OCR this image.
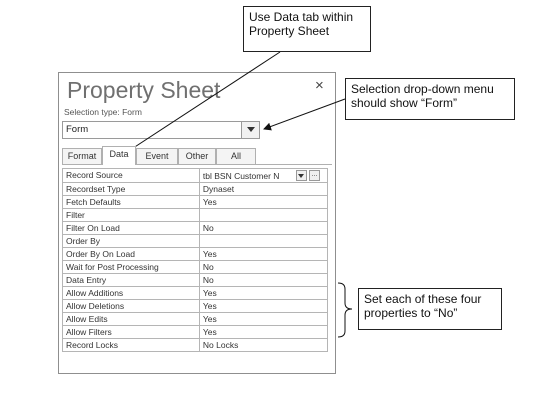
Property Sheet	×
Selection type: Form
Form
Format	Data	Event	Other	All
Record Source	tbl BSN Customer N ...
Recordset Type	Dynaset
Fetch Defaults	Yes
Filter	
Filter On Load	No
Order By	
Order By On Load	Yes
Wait for Post Processing	No
Data Entry	No
Allow Additions	Yes
Allow Deletions	Yes
Allow Edits	Yes
Allow Filters	Yes
Record Locks	No Locks
Use Data tab within Property Sheet
Selection drop-down menu should show “Form”
Set each of these four properties to “No”
